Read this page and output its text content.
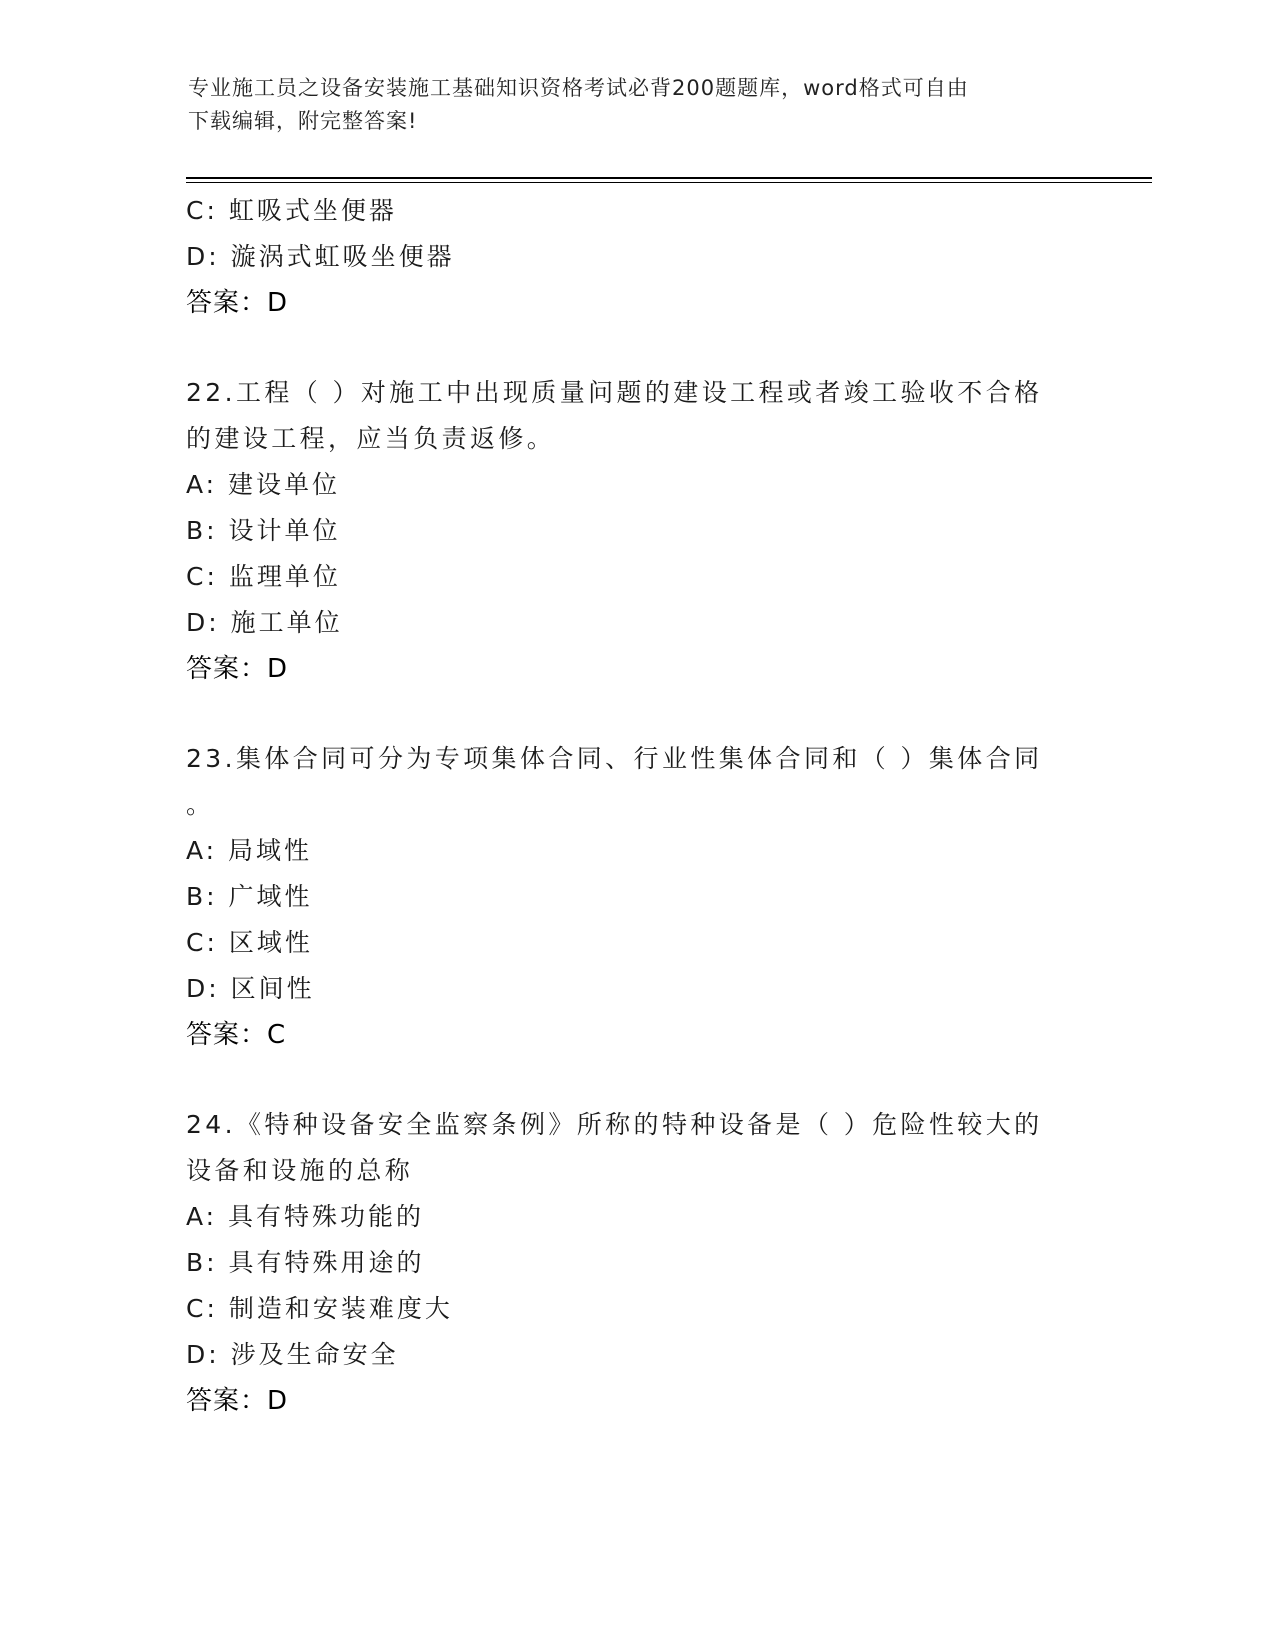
专业施工员之设备安装施工基础知识资格考试必背200题题库，word格式可自由
下载编辑，附完整答案!
C: 虹吸式坐便器
D: 漩涡式虹吸坐便器
答案：D
22.工程（ ）对施工中出现质量问题的建设工程或者竣工验收不合格
的建设工程，应当负责返修。
A: 建设单位
B: 设计单位
C: 监理单位
D: 施工单位
答案：D
23.集体合同可分为专项集体合同、行业性集体合同和（ ）集体合同
。
A: 局域性
B: 广域性
C: 区域性
D: 区间性
答案：C
24.《特种设备安全监察条例》所称的特种设备是（ ）危险性较大的
设备和设施的总称
A: 具有特殊功能的
B: 具有特殊用途的
C: 制造和安装难度大
D: 涉及生命安全
答案：D
